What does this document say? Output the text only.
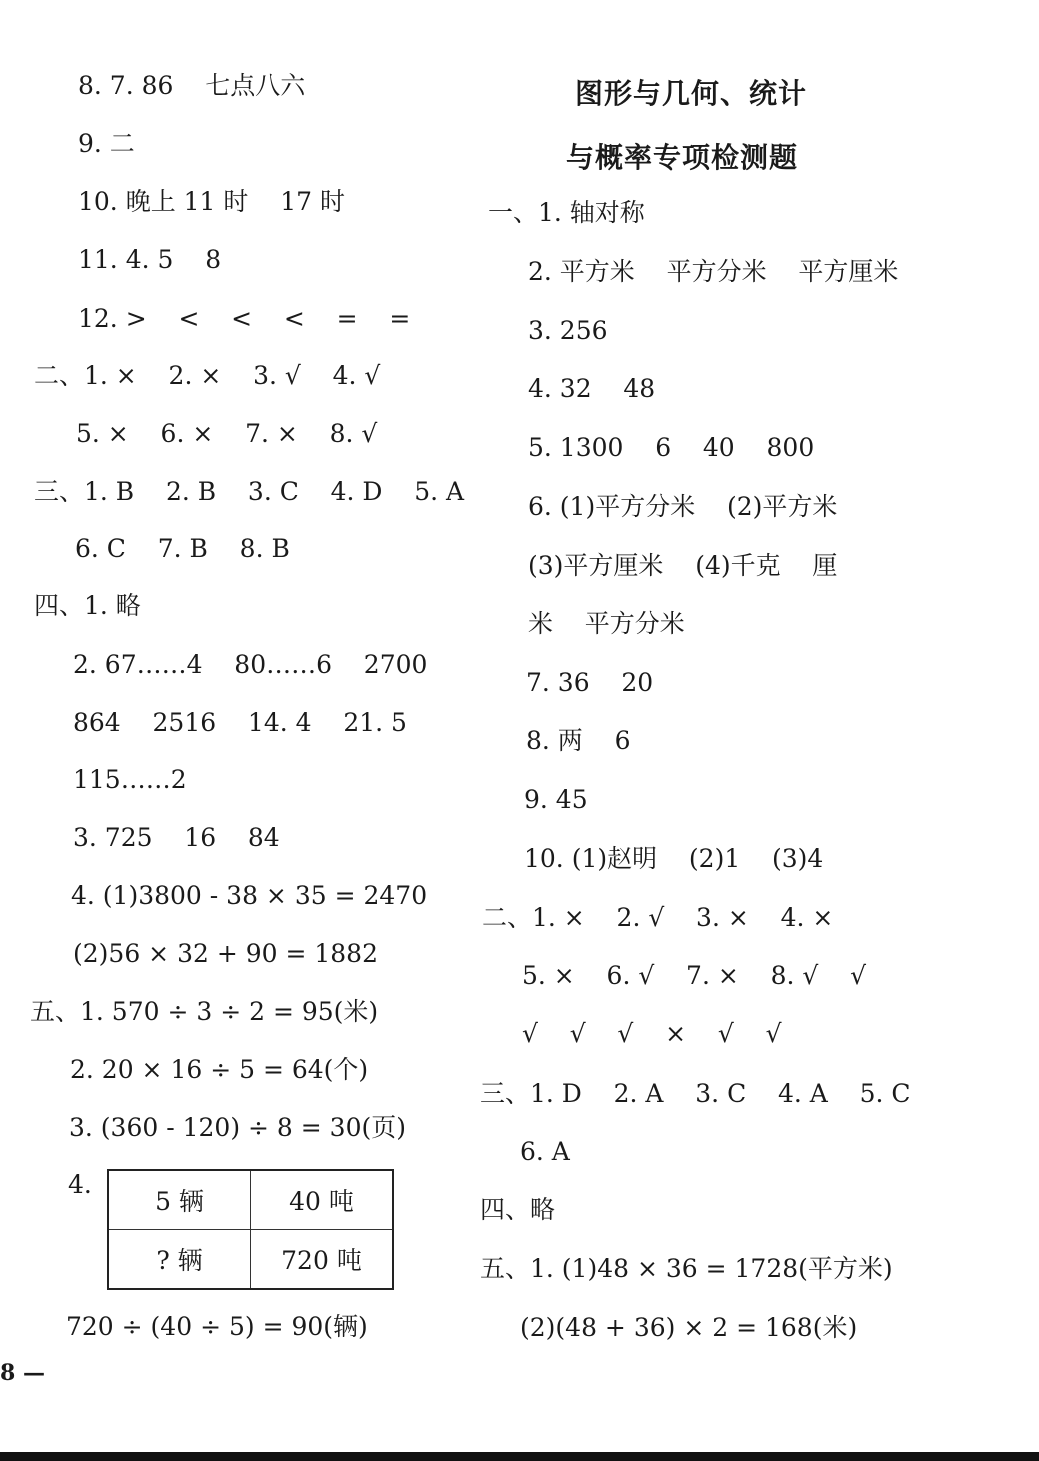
8. 7. 86    七点八六
9. 二
10. 晚上 11 时    17 时
11. 4. 5    8
12. >    <    <    <    =    =
二、1. ×    2. ×    3. √    4. √
5. ×    6. ×    7. ×    8. √
三、1. B    2. B    3. C    4. D    5. A
6. C    7. B    8. B
四、1. 略
2. 67……4    80……6    2700
864    2516    14. 4    21. 5
115……2
3. 725    16    84
4. (1)3800 - 38 × 35 = 2470
(2)56 × 32 + 90 = 1882
五、1. 570 ÷ 3 ÷ 2 = 95(米)
2. 20 × 16 ÷ 5 = 64(个)
3. (360 - 120) ÷ 8 = 30(页)
4.
5 辆	40 吨
? 辆	720 吨
720 ÷ (40 ÷ 5) = 90(辆)
图形与几何、统计
与概率专项检测题
一、1. 轴对称
2. 平方米    平方分米    平方厘米
3. 256
4. 32    48
5. 1300    6    40    800
6. (1)平方分米    (2)平方米
(3)平方厘米    (4)千克    厘
米    平方分米
7. 36    20
8. 两    6
9. 45
10. (1)赵明    (2)1    (3)4
二、1. ×    2. √    3. ×    4. ×
5. ×    6. √    7. ×    8. √    √
√    √    √    ×    √    √
三、1. D    2. A    3. C    4. A    5. C
6. A
四、略
五、1. (1)48 × 36 = 1728(平方米)
(2)(48 + 36) × 2 = 168(米)
8 —
